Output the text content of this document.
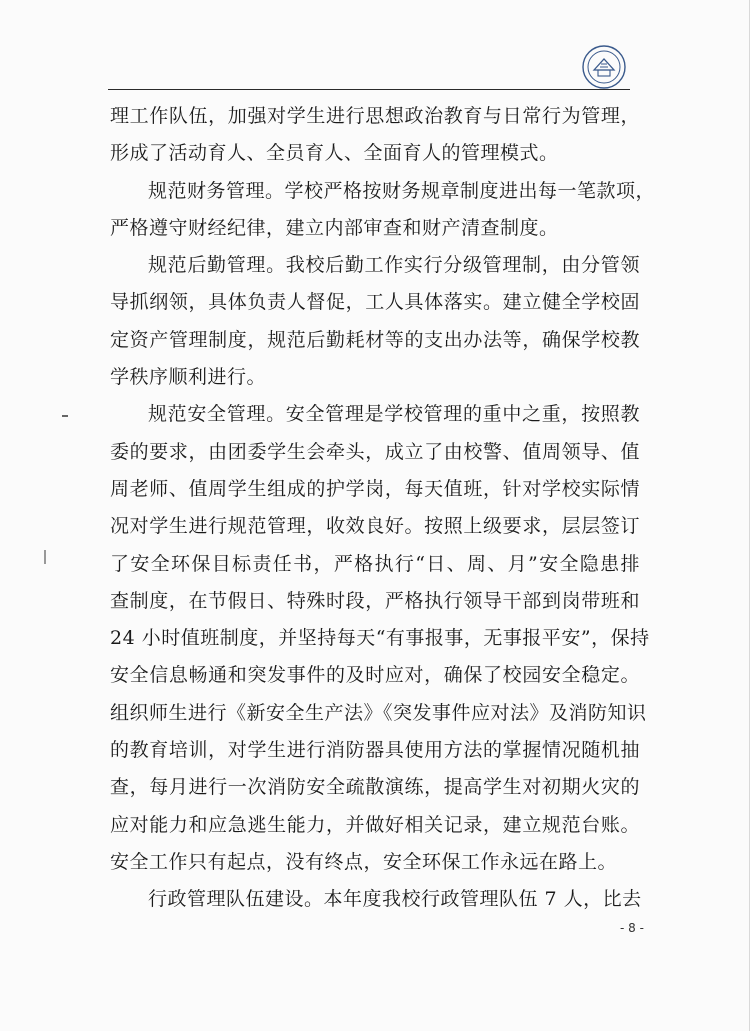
理工作队伍，加强对学生进行思想政治教育与日常行为管理，
形成了活动育人、全员育人、全面育人的管理模式。
规范财务管理。学校严格按财务规章制度进出每一笔款项，
严格遵守财经纪律，建立内部审查和财产清查制度。
规范后勤管理。我校后勤工作实行分级管理制，由分管领
导抓纲领，具体负责人督促，工人具体落实。建立健全学校固
定资产管理制度，规范后勤耗材等的支出办法等，确保学校教
学秩序顺利进行。
规范安全管理。安全管理是学校管理的重中之重，按照教
委的要求，由团委学生会牵头，成立了由校警、值周领导、值
周老师、值周学生组成的护学岗，每天值班，针对学校实际情
况对学生进行规范管理，收效良好。按照上级要求，层层签订
了安全环保目标责任书，严格执行“日、周、月”安全隐患排
查制度，在节假日、特殊时段，严格执行领导干部到岗带班和
24 小时值班制度，并坚持每天“有事报事，无事报平安”，保持
安全信息畅通和突发事件的及时应对，确保了校园安全稳定。
组织师生进行《新安全生产法》《突发事件应对法》及消防知识
的教育培训，对学生进行消防器具使用方法的掌握情况随机抽
查，每月进行一次消防安全疏散演练，提高学生对初期火灾的
应对能力和应急逃生能力，并做好相关记录，建立规范台账。
安全工作只有起点，没有终点，安全环保工作永远在路上。
行政管理队伍建设。本年度我校行政管理队伍 7 人，比去
- 8 -
